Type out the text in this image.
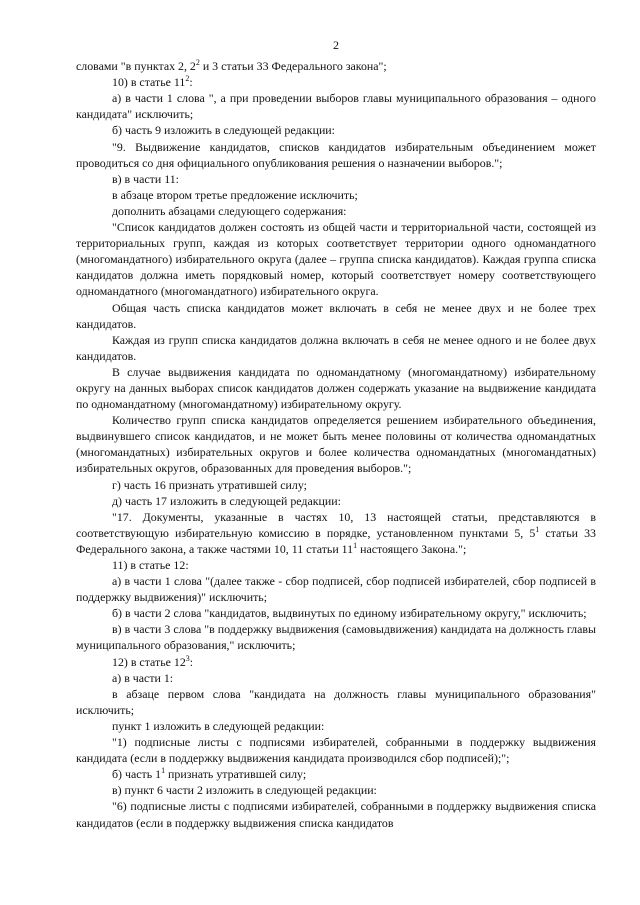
2

словами "в пунктах 2, $2^2$ и 3 статьи 33 Федерального закона";

10) в статье $11^2$:

а) в части 1 слова ", а при проведении выборов главы муниципального образования – одного кандидата" исключить;

б) часть 9 изложить в следующей редакции:

"9. Выдвижение кандидатов, списков кандидатов избирательным объединением может проводиться со дня официального опубликования решения о назначении выборов.";

в) в части 11:

в абзаце втором третье предложение исключить;

дополнить абзацами следующего содержания:

"Список кандидатов должен состоять из общей части и территориальной части, состоящей из территориальных групп, каждая из которых соответствует территории одного одномандатного (многомандатного) избирательного округа (далее – группа списка кандидатов). Каждая группа списка кандидатов должна иметь порядковый номер, который соответствует номеру соответствующего одномандатного (многомандатного) избирательного округа.

Общая часть списка кандидатов может включать в себя не менее двух и не более трех кандидатов.

Каждая из групп списка кандидатов должна включать в себя не менее одного и не более двух кандидатов.

В случае выдвижения кандидата по одномандатному (многомандатному) избирательному округу на данных выборах список кандидатов должен содержать указание на выдвижение кандидата по одномандатному (многомандатному) избирательному округу.

Количество групп списка кандидатов определяется решением избирательного объединения, выдвинувшего список кандидатов, и не может быть менее половины от количества одномандатных (многомандатных) избирательных округов и более количества одномандатных (многомандатных) избирательных округов, образованных для проведения выборов.";

г) часть 16 признать утратившей силу;

д) часть 17 изложить в следующей редакции:

"17. Документы, указанные в частях 10, 13 настоящей статьи, представляются в соответствующую избирательную комиссию в порядке, установленном пунктами 5, $5^1$ статьи 33 Федерального закона, а также частями 10, 11 статьи $11^1$ настоящего Закона.";

11) в статье 12:

а) в части 1 слова "(далее также - сбор подписей, сбор подписей избирателей, сбор подписей в поддержку выдвижения)" исключить;

б) в части 2 слова "кандидатов, выдвинутых по единому избирательному округу," исключить;

в) в части 3 слова "в поддержку выдвижения (самовыдвижения) кандидата на должность главы муниципального образования," исключить;

12) в статье $12^3$:

а) в части 1:

в абзаце первом слова "кандидата на должность главы муниципального образования" исключить;

пункт 1 изложить в следующей редакции:

"1) подписные листы с подписями избирателей, собранными в поддержку выдвижения кандидата (если в поддержку выдвижения кандидата производился сбор подписей);";

б) часть $1^1$ признать утратившей силу;

в) пункт 6 части 2 изложить в следующей редакции:

"6) подписные листы с подписями избирателей, собранными в поддержку выдвижения списка кандидатов (если в поддержку выдвижения списка кандидатов
